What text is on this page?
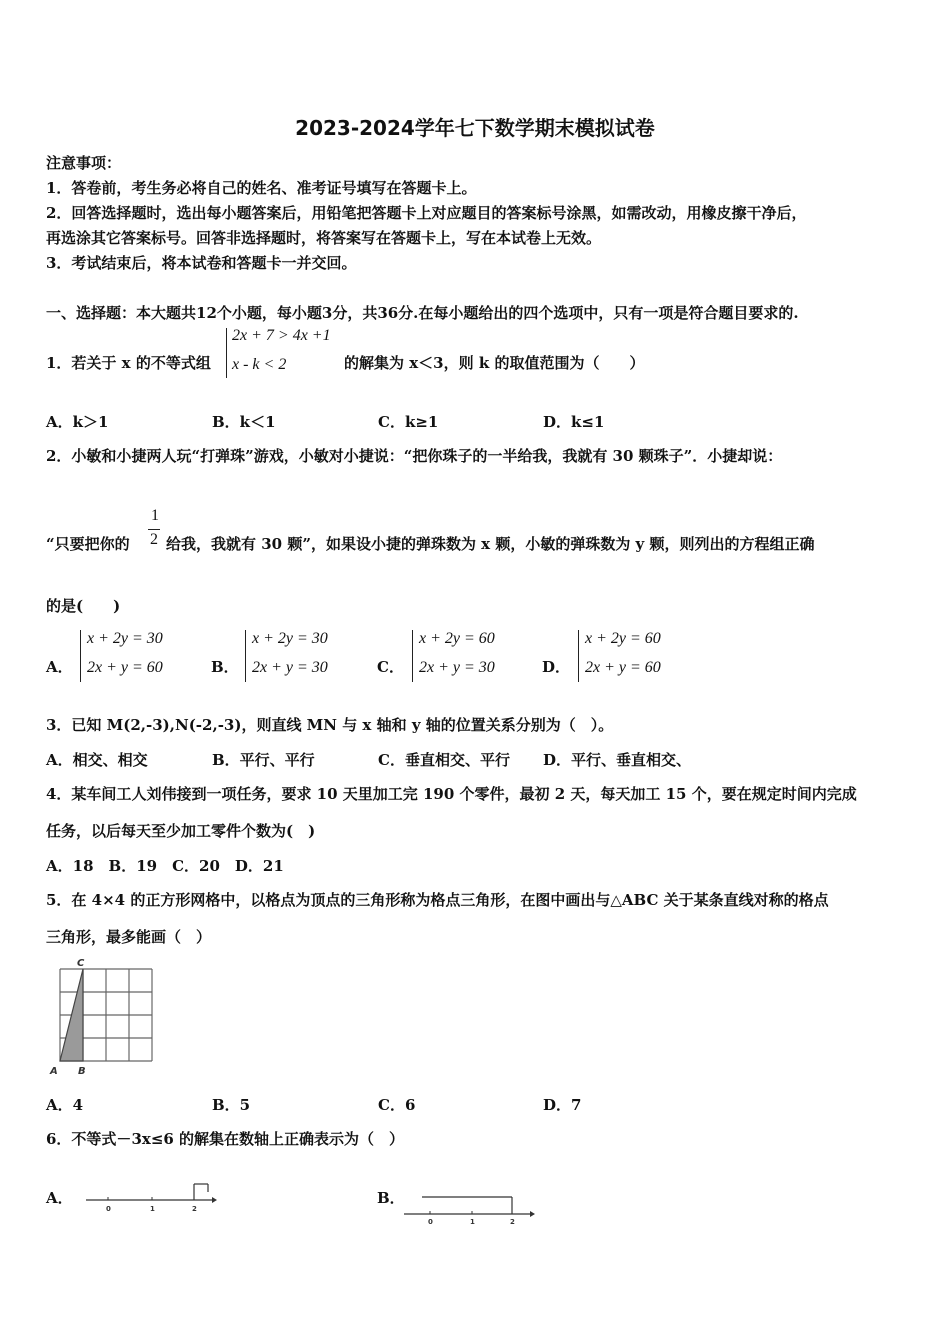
2023-2024学年七下数学期末模拟试卷
注意事项：
1．答卷前，考生务必将自己的姓名、准考证号填写在答题卡上。
2．回答选择题时，选出每小题答案后，用铅笔把答题卡上对应题目的答案标号涂黑，如需改动，用橡皮擦干净后，
再选涂其它答案标号。回答非选择题时，将答案写在答题卡上，写在本试卷上无效。
3．考试结束后，将本试卷和答题卡一并交回。
一、选择题：本大题共12个小题，每小题3分，共36分.在每小题给出的四个选项中，只有一项是符合题目要求的.
1．若关于 x 的不等式组
2x + 7 > 4x +1
x - k < 2	的解集为 x＜3，则 k 的取值范围为（　　）
A．k＞1	B．k＜1	C．k≥1	D．k≤1
2．小敏和小捷两人玩“打弹珠”游戏，小敏对小捷说：“把你珠子的一半给我，我就有 30 颗珠子”．小捷却说：
“只要把你的
1
2 给我，我就有 30 颗”，如果设小捷的弹珠数为 x 颗，小敏的弹珠数为 y 颗，则列出的方程组正确
的是(　　)
A．
x + 2y = 30
2x + y = 60	B．
x + 2y = 30
2x + y = 30	C．
x + 2y = 60
2x + y = 30	D．
x + 2y = 60
2x + y = 60
3．已知 M(2,-3),N(-2,-3)，则直线 MN 与 x 轴和 y 轴的位置关系分别为（　）。
A．相交、相交	B．平行、平行	C．垂直相交、平行 D．平行、垂直相交、
4．某车间工人刘伟接到一项任务，要求 10 天里加工完 190 个零件，最初 2 天，每天加工 15 个，要在规定时间内完成
任务，以后每天至少加工零件个数为(　)
A．18　B．19　C．20　D．21
5．在 4×4 的正方形网格中，以格点为顶点的三角形称为格点三角形，在图中画出与△ABC 关于某条直线对称的格点
三角形，最多能画（　）
C
A B
A．4	B．5	C．6	D．7
6．不等式－3x≤6 的解集在数轴上正确表示为（　）
A．
0	1	2
B．
0	1	2
